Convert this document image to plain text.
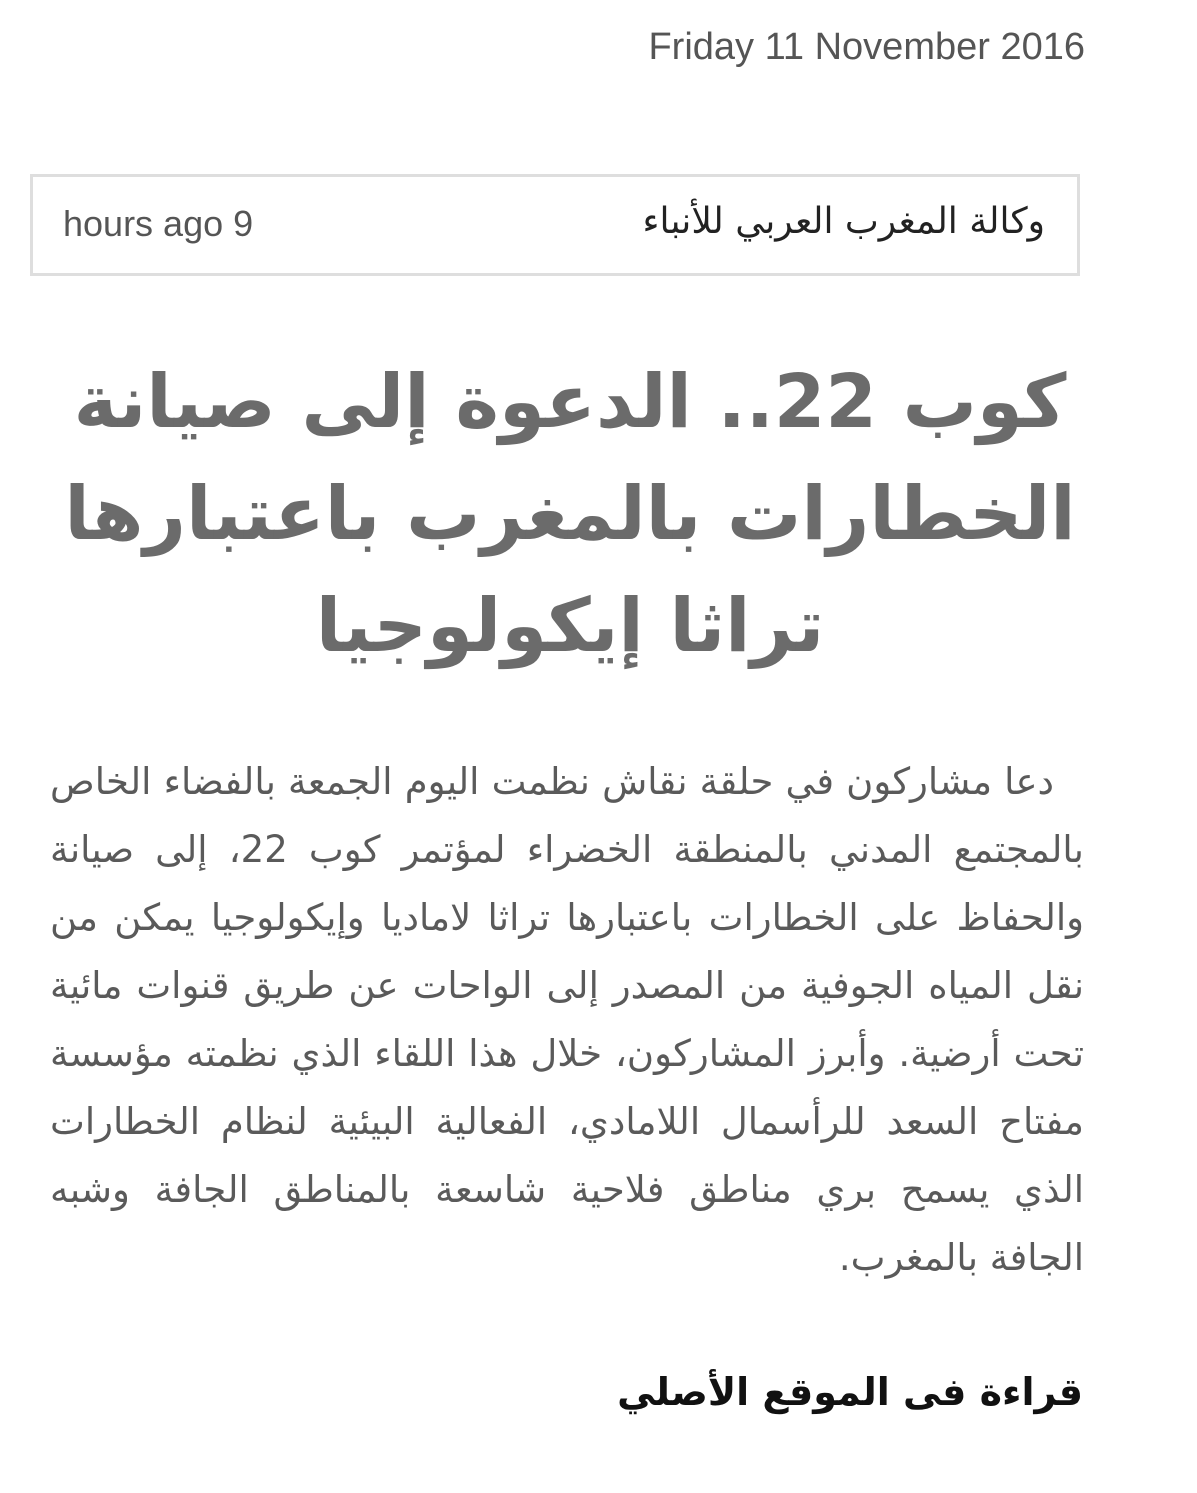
Friday 11 November 2016
hours ago 9	وكالة المغرب العربي للأنباء
كوب 22.. الدعوة إلى صيانة الخطارات بالمغرب باعتبارها تراثا إيكولوجيا

دعا مشاركون في حلقة نقاش نظمت اليوم الجمعة بالفضاء الخاص بالمجتمع المدني بالمنطقة الخضراء لمؤتمر كوب 22، إلى صيانة والحفاظ على الخطارات باعتبارها تراثا لاماديا وإيكولوجيا يمكن من نقل المياه الجوفية من المصدر إلى الواحات عن طريق قنوات مائية تحت أرضية. وأبرز المشاركون، خلال هذا اللقاء الذي نظمته مؤسسة مفتاح السعد للرأسمال اللامادي، الفعالية البيئية لنظام الخطارات الذي يسمح بري مناطق فلاحية شاسعة بالمناطق الجافة وشبه الجافة بالمغرب.

قراءة فى الموقع الأصلي
